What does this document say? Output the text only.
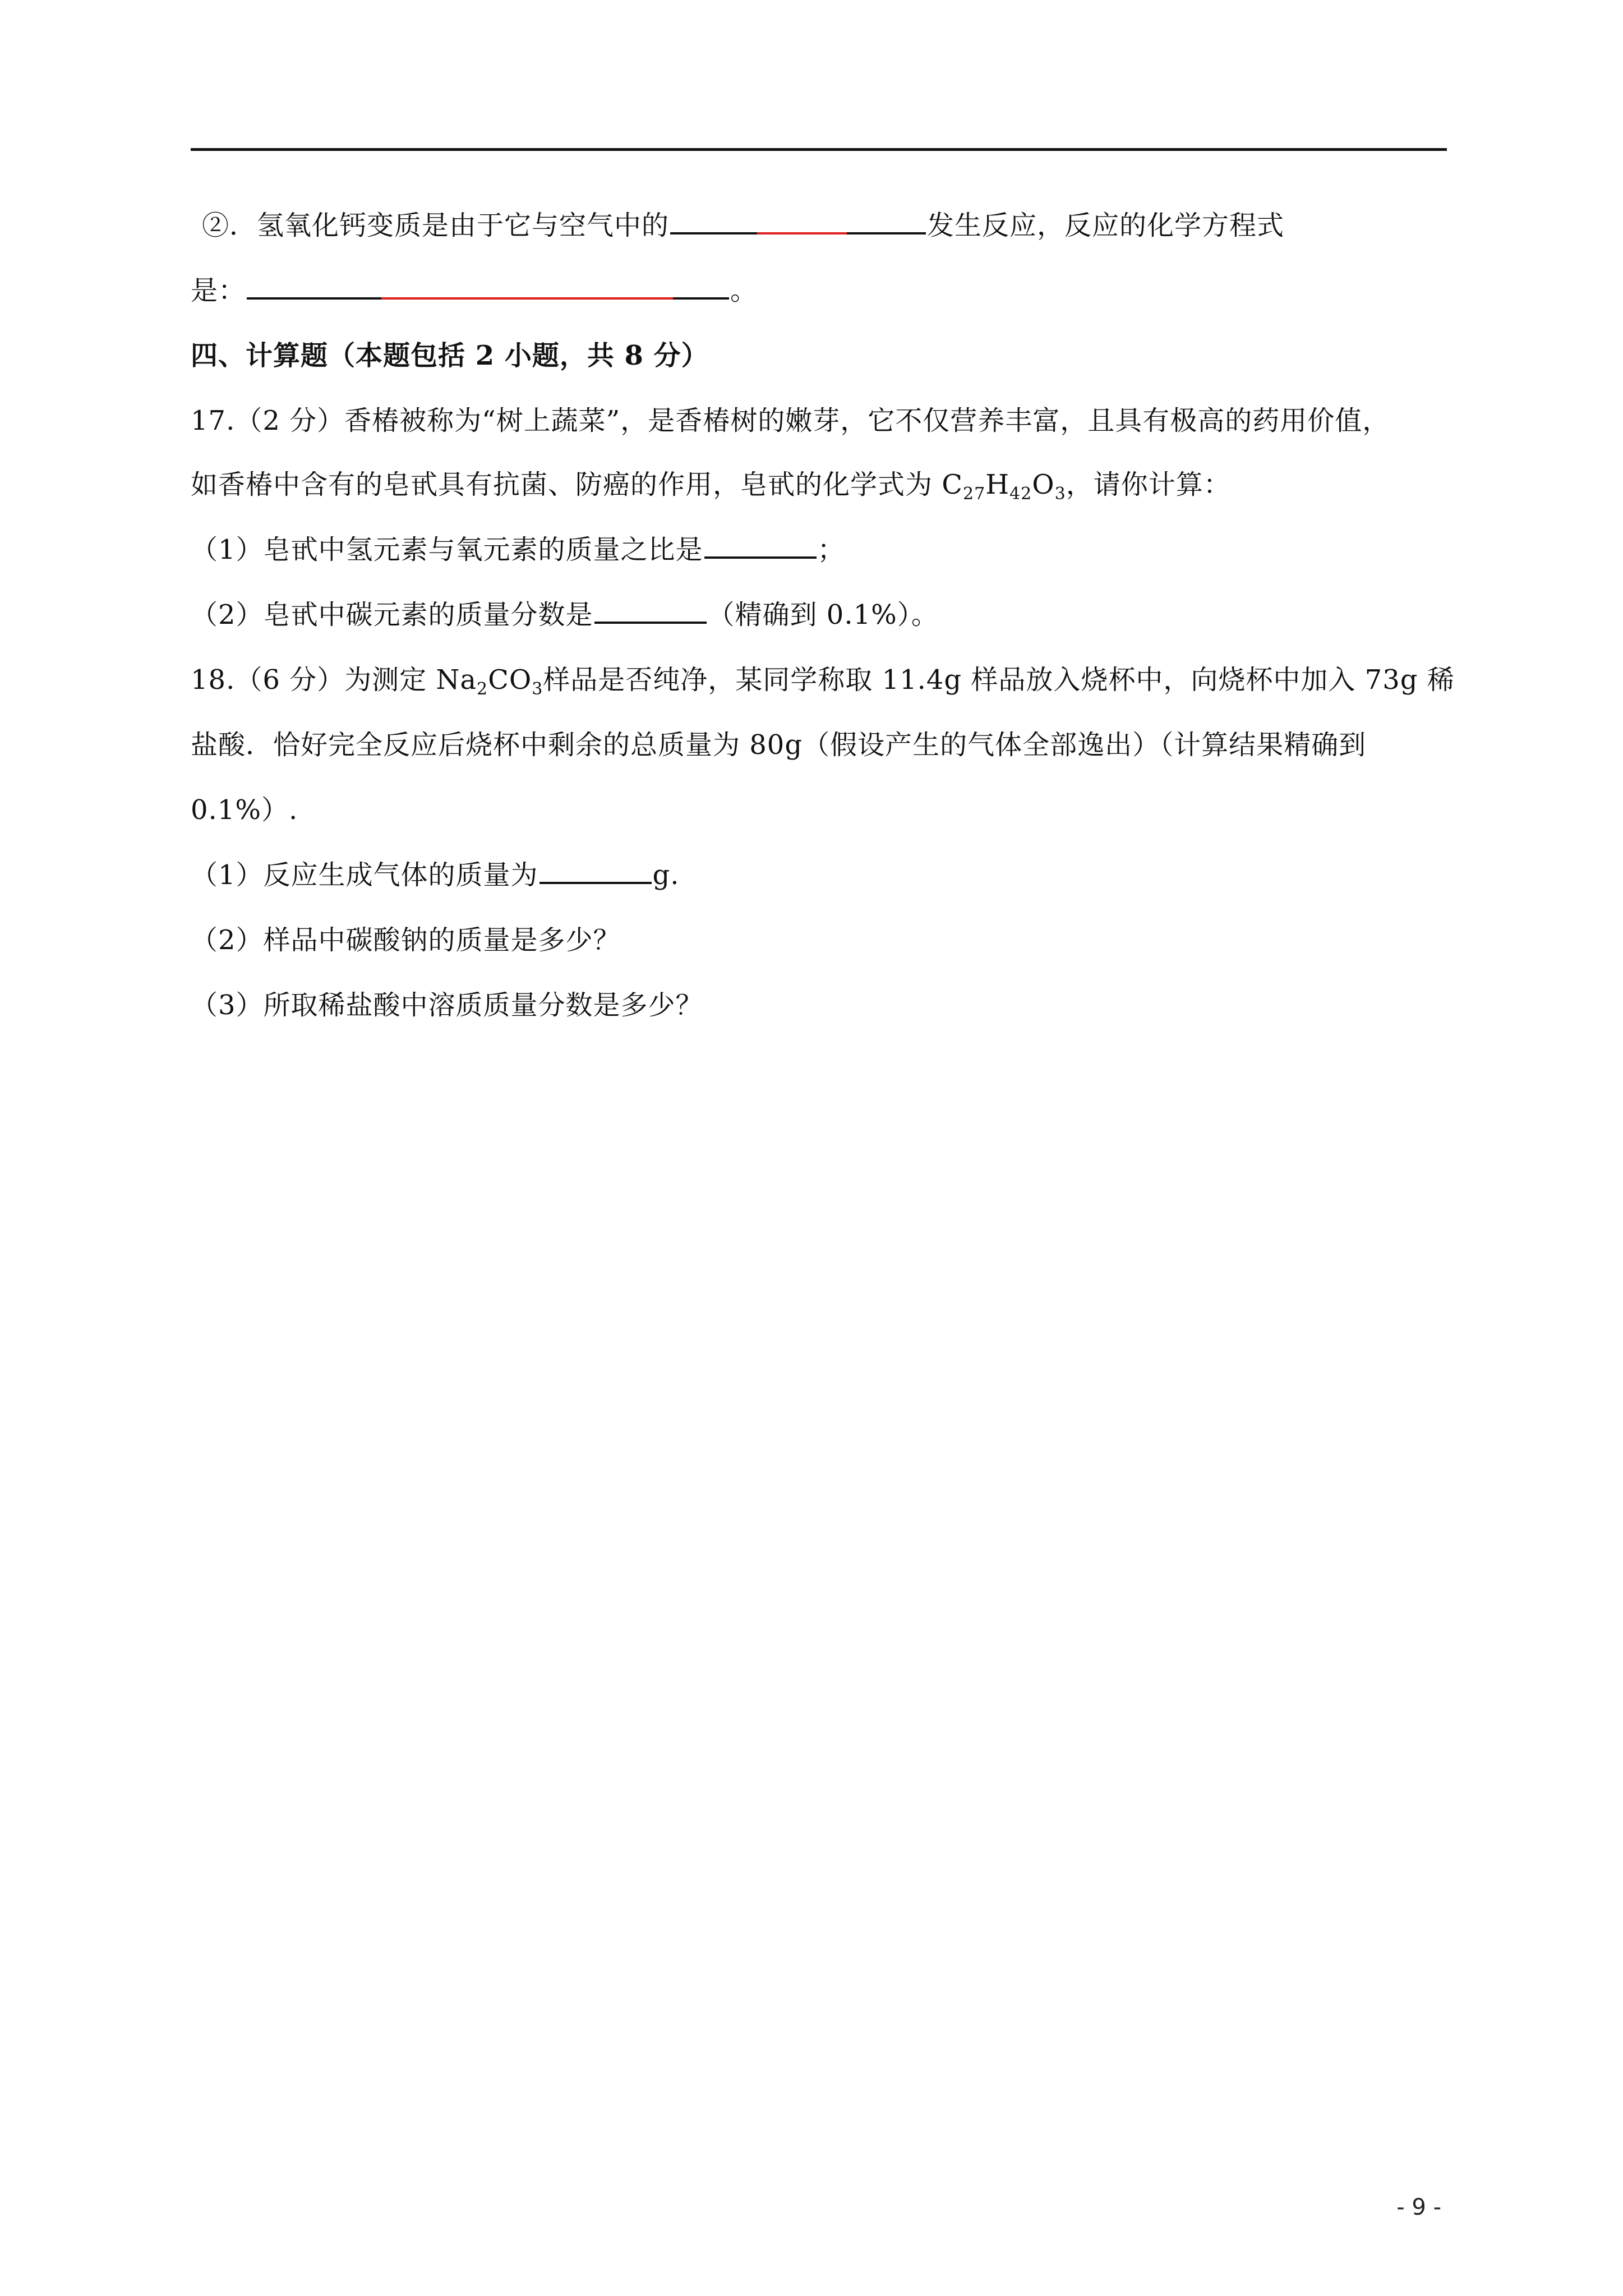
②．氢氧化钙变质是由于它与空气中的	发生反应，反应的化学方程式
是：	。
四、计算题（本题包括 2 小题，共 8 分）
17.（2 分）香椿被称为“树上蔬菜”，是香椿树的嫩芽，它不仅营养丰富，且具有极高的药用价值，
如香椿中含有的皂甙具有抗菌、防癌的作用，皂甙的化学式为 $C_{27}H_{42}O_3$，请你计算：
（1）皂甙中氢元素与氧元素的质量之比是	；
（2）皂甙中碳元素的质量分数是	（精确到 0.1%）。
18.（6 分）为测定 $Na_2CO_3$样品是否纯净，某同学称取 11.4g 样品放入烧杯中，向烧杯中加入 73g 稀
盐酸．恰好完全反应后烧杯中剩余的总质量为 80g（假设产生的气体全部逸出）（计算结果精确到
0.1%）.
（1）反应生成气体的质量为	g.
（2）样品中碳酸钠的质量是多少？
（3）所取稀盐酸中溶质质量分数是多少？
- 9 -
